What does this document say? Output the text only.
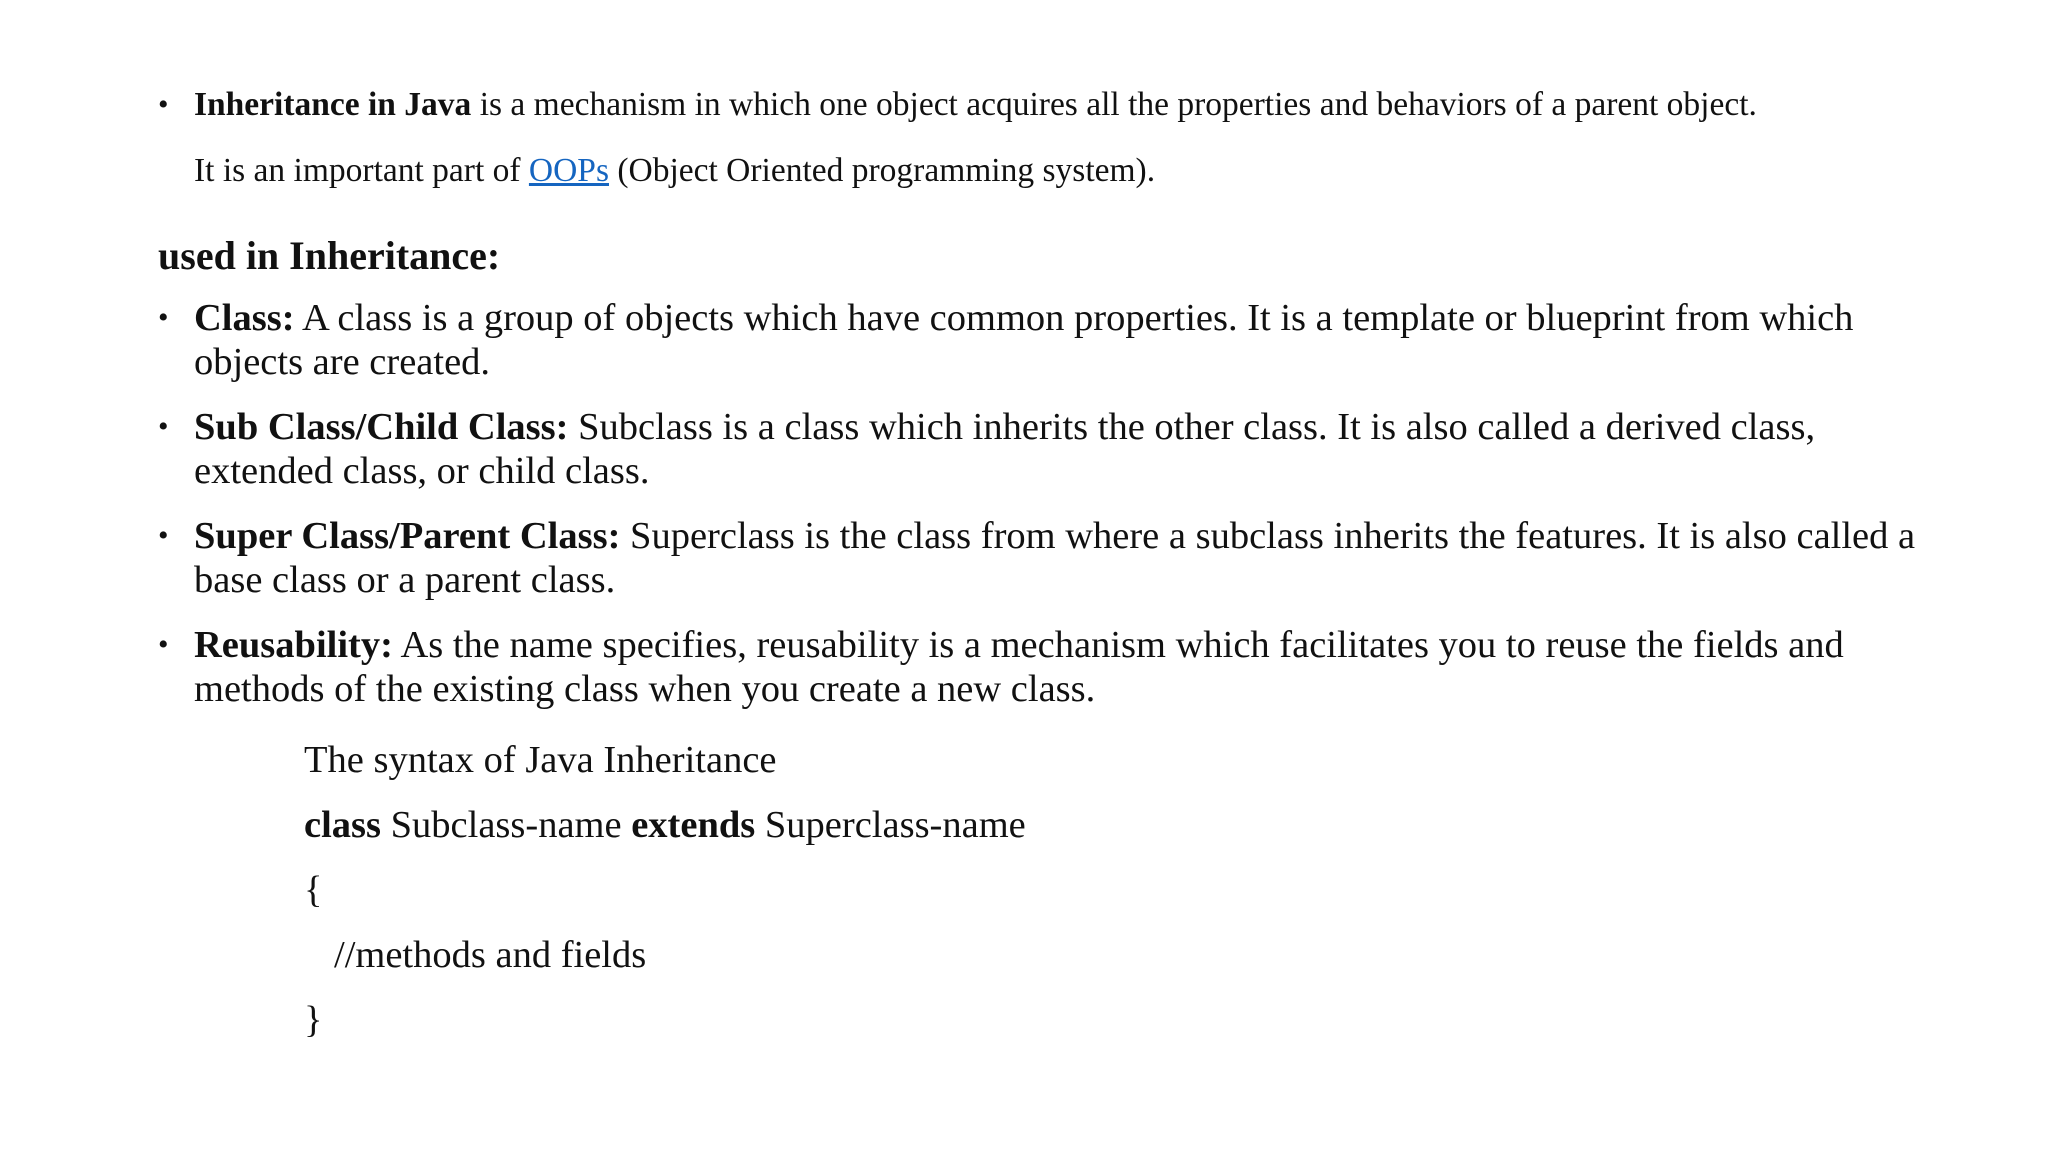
• Inheritance in Java is a mechanism in which one object acquires all the properties and behaviors of a parent object.
It is an important part of OOPs (Object Oriented programming system).
used in Inheritance:
• Class: A class is a group of objects which have common properties. It is a template or blueprint from which objects are created.
• Sub Class/Child Class: Subclass is a class which inherits the other class. It is also called a derived class, extended class, or child class.
• Super Class/Parent Class: Superclass is the class from where a subclass inherits the features. It is also called a base class or a parent class.
• Reusability: As the name specifies, reusability is a mechanism which facilitates you to reuse the fields and methods of the existing class when you create a new class.
The syntax of Java Inheritance
class Subclass-name extends Superclass-name
{
//methods and fields
}
